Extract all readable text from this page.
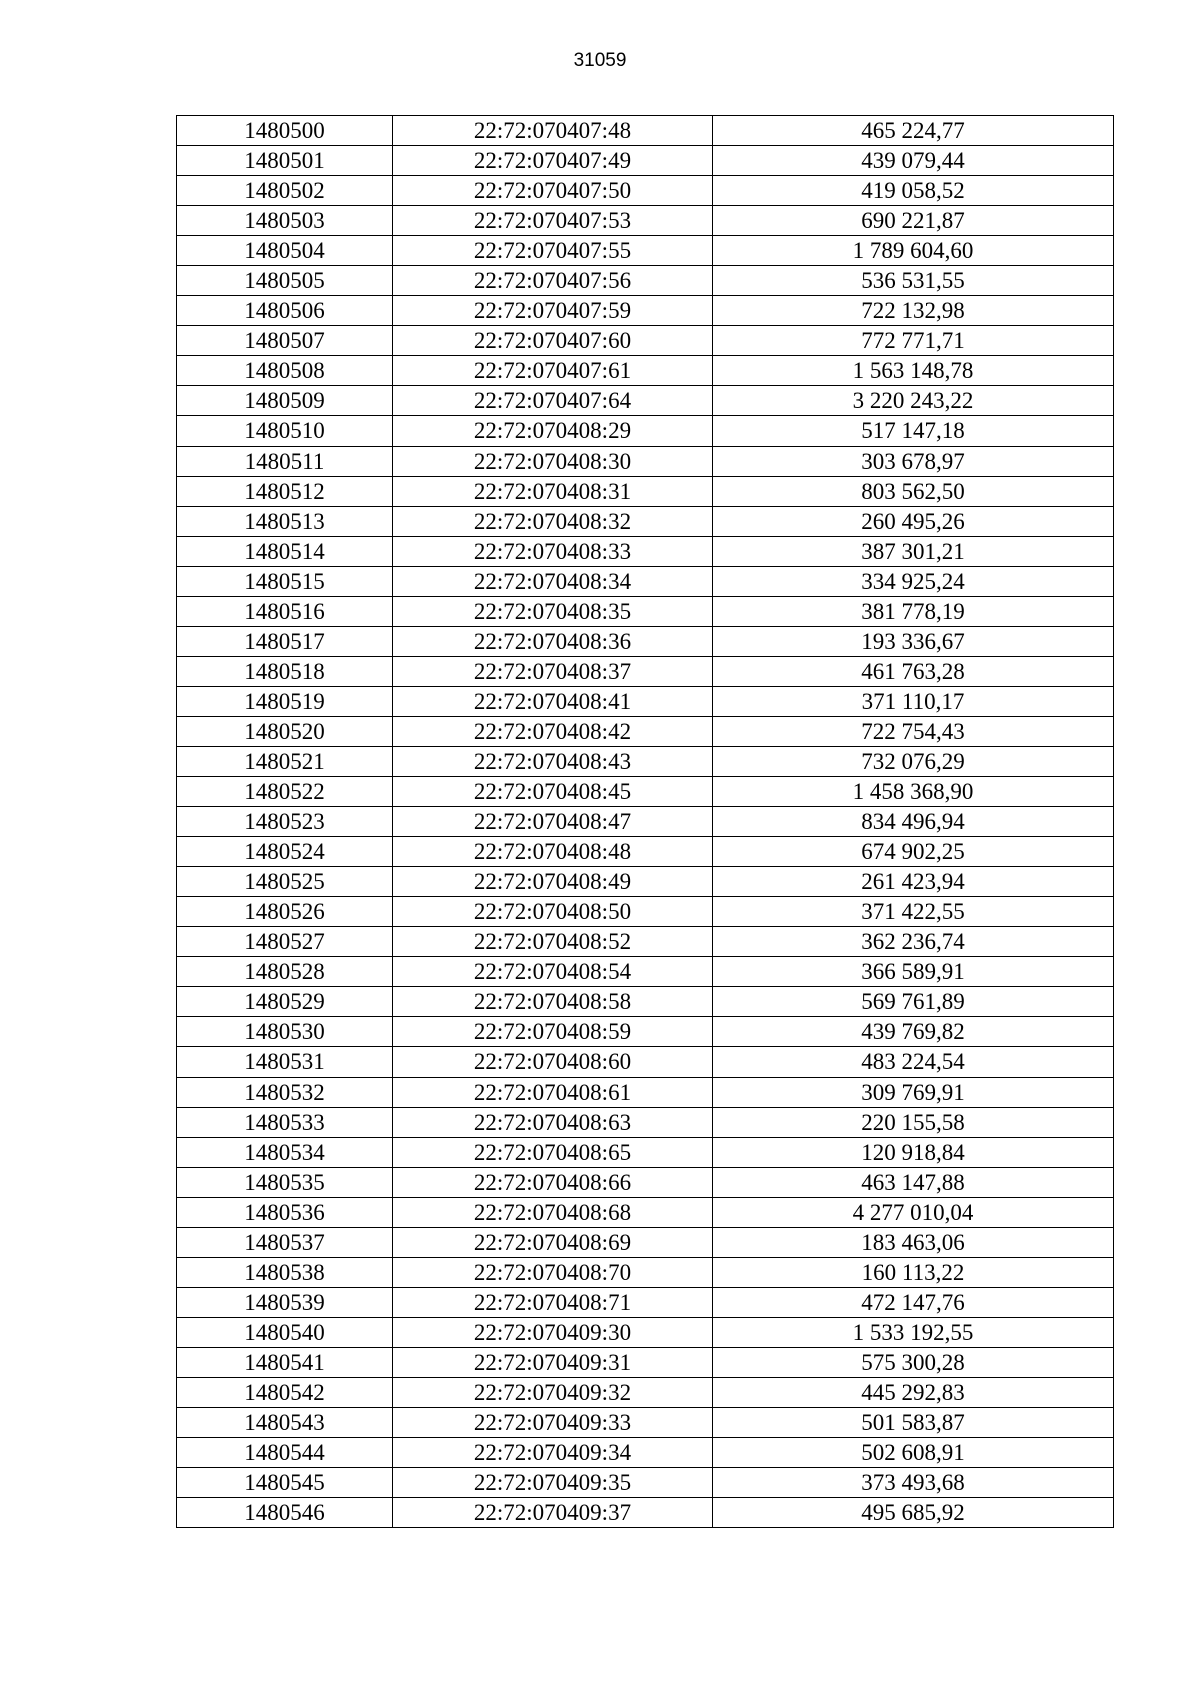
31059
1480500	22:72:070407:48	465 224,77
1480501	22:72:070407:49	439 079,44
1480502	22:72:070407:50	419 058,52
1480503	22:72:070407:53	690 221,87
1480504	22:72:070407:55	1 789 604,60
1480505	22:72:070407:56	536 531,55
1480506	22:72:070407:59	722 132,98
1480507	22:72:070407:60	772 771,71
1480508	22:72:070407:61	1 563 148,78
1480509	22:72:070407:64	3 220 243,22
1480510	22:72:070408:29	517 147,18
1480511	22:72:070408:30	303 678,97
1480512	22:72:070408:31	803 562,50
1480513	22:72:070408:32	260 495,26
1480514	22:72:070408:33	387 301,21
1480515	22:72:070408:34	334 925,24
1480516	22:72:070408:35	381 778,19
1480517	22:72:070408:36	193 336,67
1480518	22:72:070408:37	461 763,28
1480519	22:72:070408:41	371 110,17
1480520	22:72:070408:42	722 754,43
1480521	22:72:070408:43	732 076,29
1480522	22:72:070408:45	1 458 368,90
1480523	22:72:070408:47	834 496,94
1480524	22:72:070408:48	674 902,25
1480525	22:72:070408:49	261 423,94
1480526	22:72:070408:50	371 422,55
1480527	22:72:070408:52	362 236,74
1480528	22:72:070408:54	366 589,91
1480529	22:72:070408:58	569 761,89
1480530	22:72:070408:59	439 769,82
1480531	22:72:070408:60	483 224,54
1480532	22:72:070408:61	309 769,91
1480533	22:72:070408:63	220 155,58
1480534	22:72:070408:65	120 918,84
1480535	22:72:070408:66	463 147,88
1480536	22:72:070408:68	4 277 010,04
1480537	22:72:070408:69	183 463,06
1480538	22:72:070408:70	160 113,22
1480539	22:72:070408:71	472 147,76
1480540	22:72:070409:30	1 533 192,55
1480541	22:72:070409:31	575 300,28
1480542	22:72:070409:32	445 292,83
1480543	22:72:070409:33	501 583,87
1480544	22:72:070409:34	502 608,91
1480545	22:72:070409:35	373 493,68
1480546	22:72:070409:37	495 685,92
